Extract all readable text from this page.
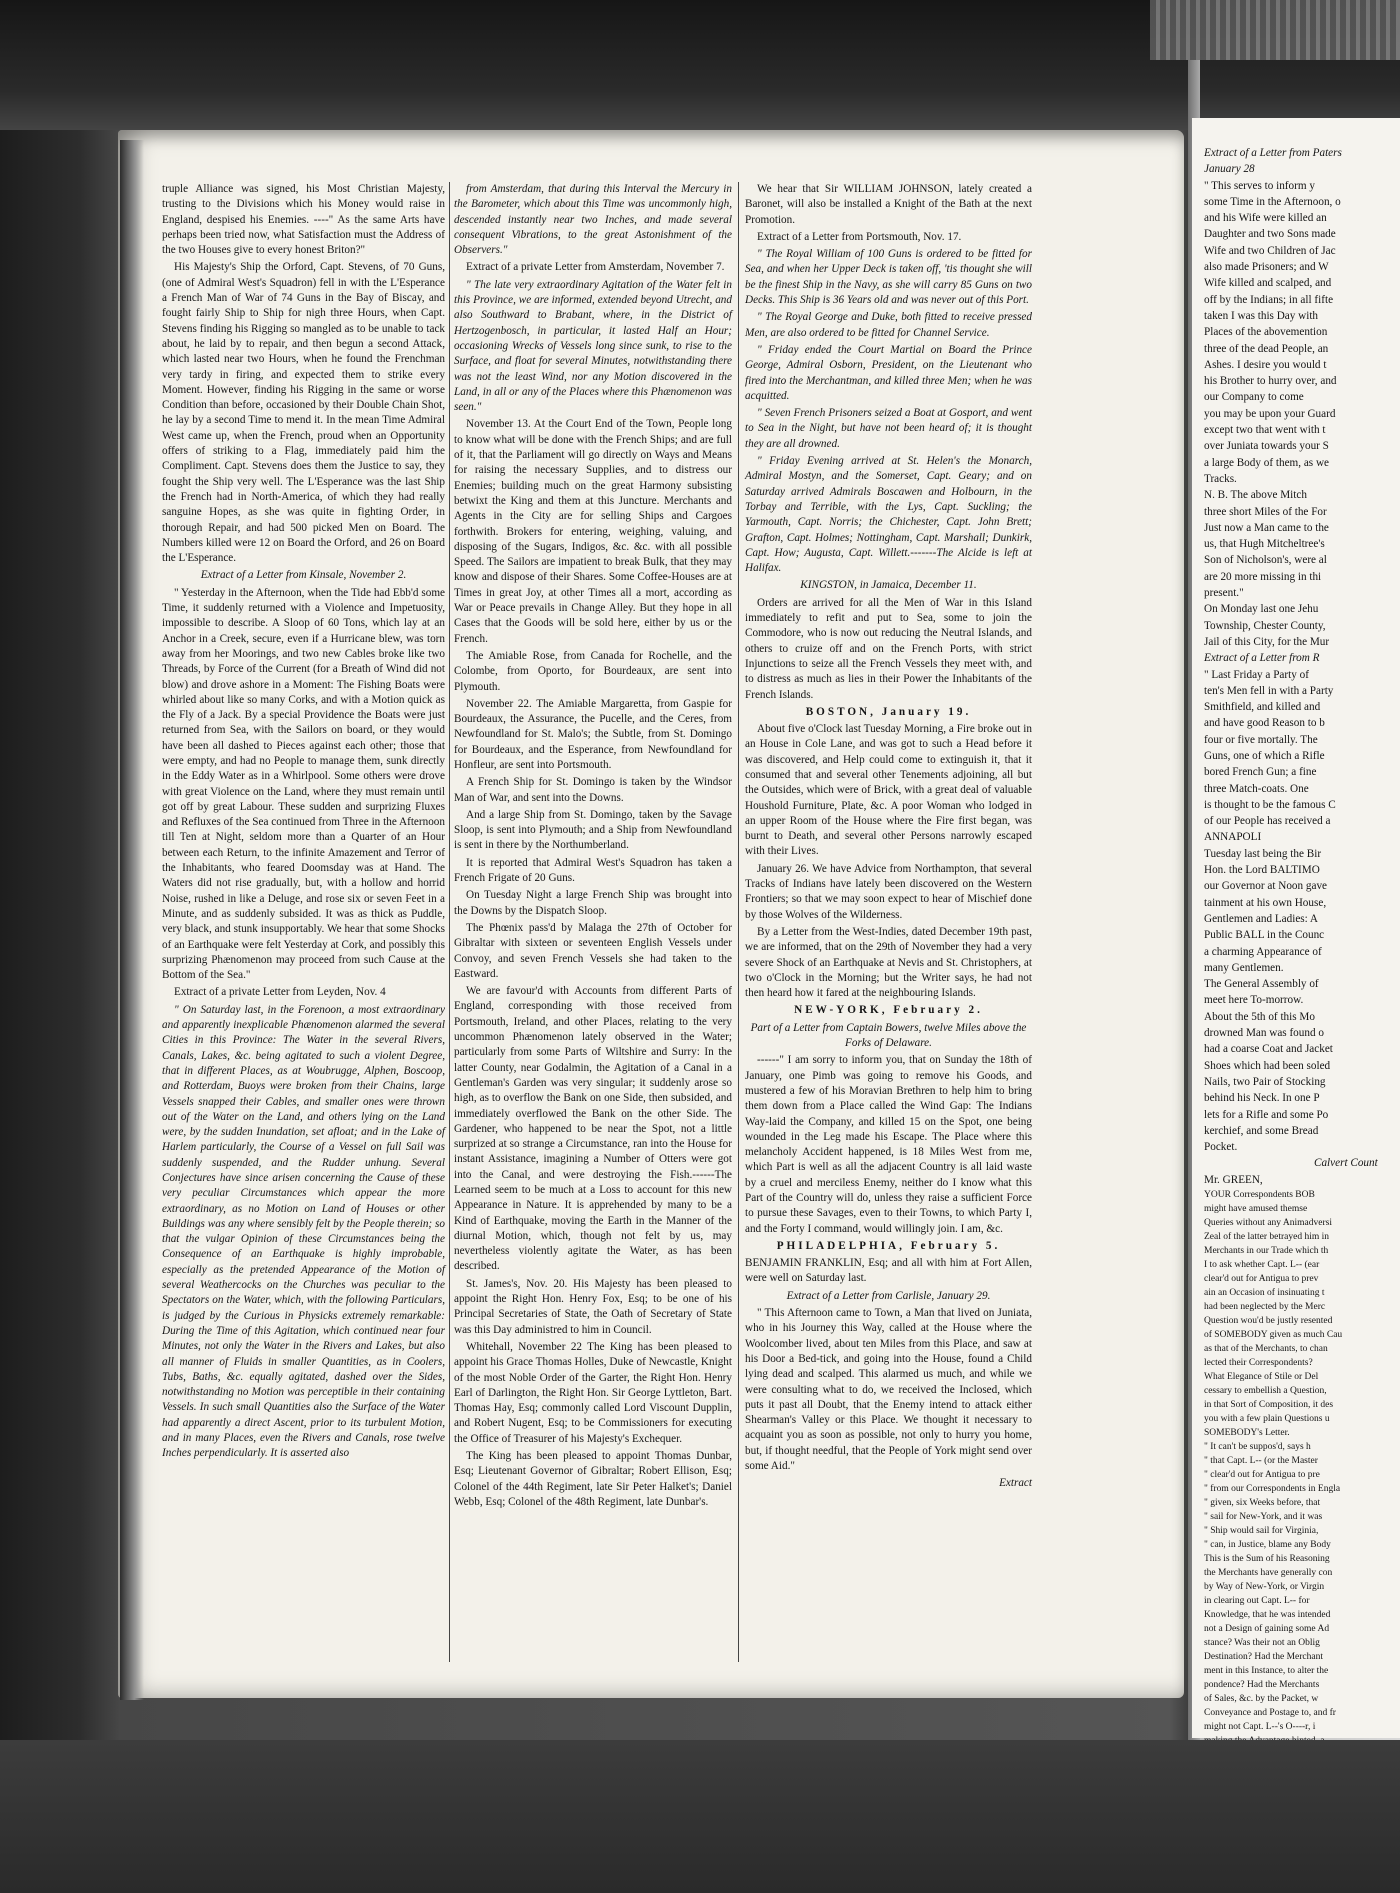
truple Alliance was signed, his Most Christian Majesty, trusting to the Divisions which his Money would raise in England, despised his Enemies. ----" As the same Arts have perhaps been tried now, what Satisfaction must the Address of the two Houses give to every honest Briton?"

His Majesty's Ship the Orford, Capt. Stevens, of 70 Guns, (one of Admiral West's Squadron) fell in with the L'Esperance a French Man of War of 74 Guns in the Bay of Biscay, and fought fairly Ship to Ship for nigh three Hours, when Capt. Stevens finding his Rigging so mangled as to be unable to tack about, he laid by to repair, and then begun a second Attack, which lasted near two Hours, when he found the Frenchman very tardy in firing, and expected them to strike every Moment. However, finding his Rigging in the same or worse Condition than before, occasioned by their Double Chain Shot, he lay by a second Time to mend it. In the mean Time Admiral West came up, when the French, proud when an Opportunity offers of striking to a Flag, immediately paid him the Compliment. Capt. Stevens does them the Justice to say, they fought the Ship very well. The L'Esperance was the last Ship the French had in North-America, of which they had really sanguine Hopes, as she was quite in fighting Order, in thorough Repair, and had 500 picked Men on Board. The Numbers killed were 12 on Board the Orford, and 26 on Board the L'Esperance.

Extract of a Letter from Kinsale, November 2.

" Yesterday in the Afternoon, when the Tide had Ebb'd some Time, it suddenly returned with a Violence and Impetuosity, impossible to describe. A Sloop of 60 Tons, which lay at an Anchor in a Creek, secure, even if a Hurricane blew, was torn away from her Moorings, and two new Cables broke like two Threads, by Force of the Current (for a Breath of Wind did not blow) and drove ashore in a Moment: The Fishing Boats were whirled about like so many Corks, and with a Motion quick as the Fly of a Jack. By a special Providence the Boats were just returned from Sea, with the Sailors on board, or they would have been all dashed to Pieces against each other; those that were empty, and had no People to manage them, sunk directly in the Eddy Water as in a Whirlpool. Some others were drove with great Violence on the Land, where they must remain until got off by great Labour. These sudden and surprizing Fluxes and Refluxes of the Sea continued from Three in the Afternoon till Ten at Night, seldom more than a Quarter of an Hour between each Return, to the infinite Amazement and Terror of the Inhabitants, who feared Doomsday was at Hand. The Waters did not rise gradually, but, with a hollow and horrid Noise, rushed in like a Deluge, and rose six or seven Feet in a Minute, and as suddenly subsided. It was as thick as Puddle, very black, and stunk insupportably. We hear that some Shocks of an Earthquake were felt Yesterday at Cork, and possibly this surprizing Phænomenon may proceed from such Cause at the Bottom of the Sea."

Extract of a private Letter from Leyden, Nov. 4

" On Saturday last, in the Forenoon, a most extraordinary and apparently inexplicable Phænomenon alarmed the several Cities in this Province: The Water in the several Rivers, Canals, Lakes, &c. being agitated to such a violent Degree, that in different Places, as at Woubrugge, Alphen, Boscoop, and Rotterdam, Buoys were broken from their Chains, large Vessels snapped their Cables, and smaller ones were thrown out of the Water on the Land, and others lying on the Land were, by the sudden Inundation, set afloat; and in the Lake of Harlem particularly, the Course of a Vessel on full Sail was suddenly suspended, and the Rudder unhung. Several Conjectures have since arisen concerning the Cause of these very peculiar Circumstances which appear the more extraordinary, as no Motion on Land of Houses or other Buildings was any where sensibly felt by the People therein; so that the vulgar Opinion of these Circumstances being the Consequence of an Earthquake is highly improbable, especially as the pretended Appearance of the Motion of several Weathercocks on the Churches was peculiar to the Spectators on the Water, which, with the following Particulars, is judged by the Curious in Physicks extremely remarkable: During the Time of this Agitation, which continued near four Minutes, not only the Water in the Rivers and Lakes, but also all manner of Fluids in smaller Quantities, as in Coolers, Tubs, Baths, &c. equally agitated, dashed over the Sides, notwithstanding no Motion was perceptible in their containing Vessels. In such small Quantities also the Surface of the Water had apparently a direct Ascent, prior to its turbulent Motion, and in many Places, even the Rivers and Canals, rose twelve Inches perpendicularly. It is asserted also

from Amsterdam, that during this Interval the Mercury in the Barometer, which about this Time was uncommonly high, descended instantly near two Inches, and made several consequent Vibrations, to the great Astonishment of the Observers."

Extract of a private Letter from Amsterdam, November 7.

" The late very extraordinary Agitation of the Water felt in this Province, we are informed, extended beyond Utrecht, and also Southward to Brabant, where, in the District of Hertzogenbosch, in particular, it lasted Half an Hour; occasioning Wrecks of Vessels long since sunk, to rise to the Surface, and float for several Minutes, notwithstanding there was not the least Wind, nor any Motion discovered in the Land, in all or any of the Places where this Phænomenon was seen."

November 13. At the Court End of the Town, People long to know what will be done with the French Ships; and are full of it, that the Parliament will go directly on Ways and Means for raising the necessary Supplies, and to distress our Enemies; building much on the great Harmony subsisting betwixt the King and them at this Juncture. Merchants and Agents in the City are for selling Ships and Cargoes forthwith. Brokers for entering, weighing, valuing, and disposing of the Sugars, Indigos, &c. &c. with all possible Speed. The Sailors are impatient to break Bulk, that they may know and dispose of their Shares. Some Coffee-Houses are at Times in great Joy, at other Times all a mort, according as War or Peace prevails in Change Alley. But they hope in all Cases that the Goods will be sold here, either by us or the French.

The Amiable Rose, from Canada for Rochelle, and the Colombe, from Oporto, for Bourdeaux, are sent into Plymouth.

November 22. The Amiable Margaretta, from Gaspie for Bourdeaux, the Assurance, the Pucelle, and the Ceres, from Newfoundland for St. Malo's; the Subtle, from St. Domingo for Bourdeaux, and the Esperance, from Newfoundland for Honfleur, are sent into Portsmouth.

A French Ship for St. Domingo is taken by the Windsor Man of War, and sent into the Downs.

And a large Ship from St. Domingo, taken by the Savage Sloop, is sent into Plymouth; and a Ship from Newfoundland is sent in there by the Northumberland.

It is reported that Admiral West's Squadron has taken a French Frigate of 20 Guns.

On Tuesday Night a large French Ship was brought into the Downs by the Dispatch Sloop.

The Phœnix pass'd by Malaga the 27th of October for Gibraltar with sixteen or seventeen English Vessels under Convoy, and seven French Vessels she had taken to the Eastward.

We are favour'd with Accounts from different Parts of England, corresponding with those received from Portsmouth, Ireland, and other Places, relating to the very uncommon Phænomenon lately observed in the Water; particularly from some Parts of Wiltshire and Surry: In the latter County, near Godalmin, the Agitation of a Canal in a Gentleman's Garden was very singular; it suddenly arose so high, as to overflow the Bank on one Side, then subsided, and immediately overflowed the Bank on the other Side. The Gardener, who happened to be near the Spot, not a little surprized at so strange a Circumstance, ran into the House for instant Assistance, imagining a Number of Otters were got into the Canal, and were destroying the Fish.------The Learned seem to be much at a Loss to account for this new Appearance in Nature. It is apprehended by many to be a Kind of Earthquake, moving the Earth in the Manner of the diurnal Motion, which, though not felt by us, may nevertheless violently agitate the Water, as has been described.

St. James's, Nov. 20. His Majesty has been pleased to appoint the Right Hon. Henry Fox, Esq; to be one of his Principal Secretaries of State, the Oath of Secretary of State was this Day administred to him in Council.

Whitehall, November 22 The King has been pleased to appoint his Grace Thomas Holles, Duke of Newcastle, Knight of the most Noble Order of the Garter, the Right Hon. Henry Earl of Darlington, the Right Hon. Sir George Lyttleton, Bart. Thomas Hay, Esq; commonly called Lord Viscount Dupplin, and Robert Nugent, Esq; to be Commissioners for executing the Office of Treasurer of his Majesty's Exchequer.

The King has been pleased to appoint Thomas Dunbar, Esq; Lieutenant Governor of Gibraltar; Robert Ellison, Esq; Colonel of the 44th Regiment, late Sir Peter Halket's; Daniel Webb, Esq; Colonel of the 48th Regiment, late Dunbar's.

We hear that Sir WILLIAM JOHNSON, lately created a Baronet, will also be installed a Knight of the Bath at the next Promotion.

Extract of a Letter from Portsmouth, Nov. 17.

" The Royal William of 100 Guns is ordered to be fitted for Sea, and when her Upper Deck is taken off, 'tis thought she will be the finest Ship in the Navy, as she will carry 85 Guns on two Decks. This Ship is 36 Years old and was never out of this Port.

" The Royal George and Duke, both fitted to receive pressed Men, are also ordered to be fitted for Channel Service.

" Friday ended the Court Martial on Board the Prince George, Admiral Osborn, President, on the Lieutenant who fired into the Merchantman, and killed three Men; when he was acquitted.

" Seven French Prisoners seized a Boat at Gosport, and went to Sea in the Night, but have not been heard of; it is thought they are all drowned.

" Friday Evening arrived at St. Helen's the Monarch, Admiral Mostyn, and the Somerset, Capt. Geary; and on Saturday arrived Admirals Boscawen and Holbourn, in the Torbay and Terrible, with the Lys, Capt. Suckling; the Yarmouth, Capt. Norris; the Chichester, Capt. John Brett; Grafton, Capt. Holmes; Nottingham, Capt. Marshall; Dunkirk, Capt. How; Augusta, Capt. Willett.-------The Alcide is left at Halifax.

KINGSTON, in Jamaica, December 11.

Orders are arrived for all the Men of War in this Island immediately to refit and put to Sea, some to join the Commodore, who is now out reducing the Neutral Islands, and others to cruize off and on the French Ports, with strict Injunctions to seize all the French Vessels they meet with, and to distress as much as lies in their Power the Inhabitants of the French Islands.

BOSTON, January 19.

About five o'Clock last Tuesday Morning, a Fire broke out in an House in Cole Lane, and was got to such a Head before it was discovered, and Help could come to extinguish it, that it consumed that and several other Tenements adjoining, all but the Outsides, which were of Brick, with a great deal of valuable Houshold Furniture, Plate, &c. A poor Woman who lodged in an upper Room of the House where the Fire first began, was burnt to Death, and several other Persons narrowly escaped with their Lives.

January 26. We have Advice from Northampton, that several Tracks of Indians have lately been discovered on the Western Frontiers; so that we may soon expect to hear of Mischief done by those Wolves of the Wilderness.

By a Letter from the West-Indies, dated December 19th past, we are informed, that on the 29th of November they had a very severe Shock of an Earthquake at Nevis and St. Christophers, at two o'Clock in the Morning; but the Writer says, he had not then heard how it fared at the neighbouring Islands.

NEW-YORK, February 2.

Part of a Letter from Captain Bowers, twelve Miles above the Forks of Delaware.

------" I am sorry to inform you, that on Sunday the 18th of January, one Pimb was going to remove his Goods, and mustered a few of his Moravian Brethren to help him to bring them down from a Place called the Wind Gap: The Indians Way-laid the Company, and killed 15 on the Spot, one being wounded in the Leg made his Escape. The Place where this melancholy Accident happened, is 18 Miles West from me, which Part is well as all the adjacent Country is all laid waste by a cruel and merciless Enemy, neither do I know what this Part of the Country will do, unless they raise a sufficient Force to pursue these Savages, even to their Towns, to which Party I, and the Forty I command, would willingly join. I am, &c.

PHILADELPHIA, February 5.

BENJAMIN FRANKLIN, Esq; and all with him at Fort Allen, were well on Saturday last.

Extract of a Letter from Carlisle, January 29.

" This Afternoon came to Town, a Man that lived on Juniata, who in his Journey this Way, called at the House where the Woolcomber lived, about ten Miles from this Place, and saw at his Door a Bed-tick, and going into the House, found a Child lying dead and scalped. This alarmed us much, and while we were consulting what to do, we received the Inclosed, which puts it past all Doubt, that the Enemy intend to attack either Shearman's Valley or this Place. We thought it necessary to acquaint you as soon as possible, not only to hurry you home, but, if thought needful, that the People of York might send over some Aid."

Extract

Extract of a Letter from Paters

January 28

" This serves to inform y

some Time in the Afternoon, o

and his Wife were killed an

Daughter and two Sons made

Wife and two Children of Jac

also made Prisoners; and W

Wife killed and scalped, and

off by the Indians; in all fifte

taken I was this Day with

Places of the abovemention

three of the dead People, an

Ashes. I desire you would t

his Brother to hurry over, and

our Company to come

you may be upon your Guard

except two that went with t

over Juniata towards your S

a large Body of them, as we

Tracks.

N. B. The above Mitch

three short Miles of the For

Just now a Man came to the

us, that Hugh Mitcheltree's

Son of Nicholson's, were al

are 20 more missing in thi

present."

On Monday last one Jehu

Township, Chester County,

Jail of this City, for the Mur

Extract of a Letter from R

" Last Friday a Party of

ten's Men fell in with a Party

Smithfield, and killed and

and have good Reason to b

four or five mortally. The

Guns, one of which a Rifle

bored French Gun; a fine

three Match-coats. One

is thought to be the famous C

of our People has received a

ANNAPOLI

Tuesday last being the Bir

Hon. the Lord BALTIMO

our Governor at Noon gave

tainment at his own House,

Gentlemen and Ladies: A

Public BALL in the Counc

a charming Appearance of

many Gentlemen.

The General Assembly of

meet here To-morrow.

About the 5th of this Mo

drowned Man was found o

had a coarse Coat and Jacket

Shoes which had been soled

Nails, two Pair of Stocking

behind his Neck. In one P

lets for a Rifle and some Po

kerchief, and some Bread

Pocket.

Calvert Count

Mr. GREEN,

YOUR Correspondents BOB

might have amused themse

Queries without any Animadversi

Zeal of the latter betrayed him in

Merchants in our Trade which th

I to ask whether Capt. L-- (ear

clear'd out for Antigua to prev

ain an Occasion of insinuating t

had been neglected by the Merc

Question wou'd be justly resented

of SOMEBODY given as much Cau

as that of the Merchants, to chan

lected their Correspondents?

What Elegance of Stile or Del

cessary to embellish a Question,

in that Sort of Composition, it des

you with a few plain Questions u

SOMEBODY's Letter.

" It can't be suppos'd, says h

" that Capt. L-- (or the Master

" clear'd out for Antigua to pre

" from our Correspondents in Engla

" given, six Weeks before, that

" sail for New-York, and it was

" Ship would sail for Virginia,

" can, in Justice, blame any Body

This is the Sum of his Reasoning

the Merchants have generally con

by Way of New-York, or Virgin

in clearing out Capt. L-- for

Knowledge, that he was intended

not a Design of gaining some Ad

stance? Was their not an Oblig

Destination? Had the Merchant

ment in this Instance, to alter the

pondence? Had the Merchants

of Sales, &c. by the Packet, w

Conveyance and Postage to, and fr

might not Capt. L--'s O----r, i
